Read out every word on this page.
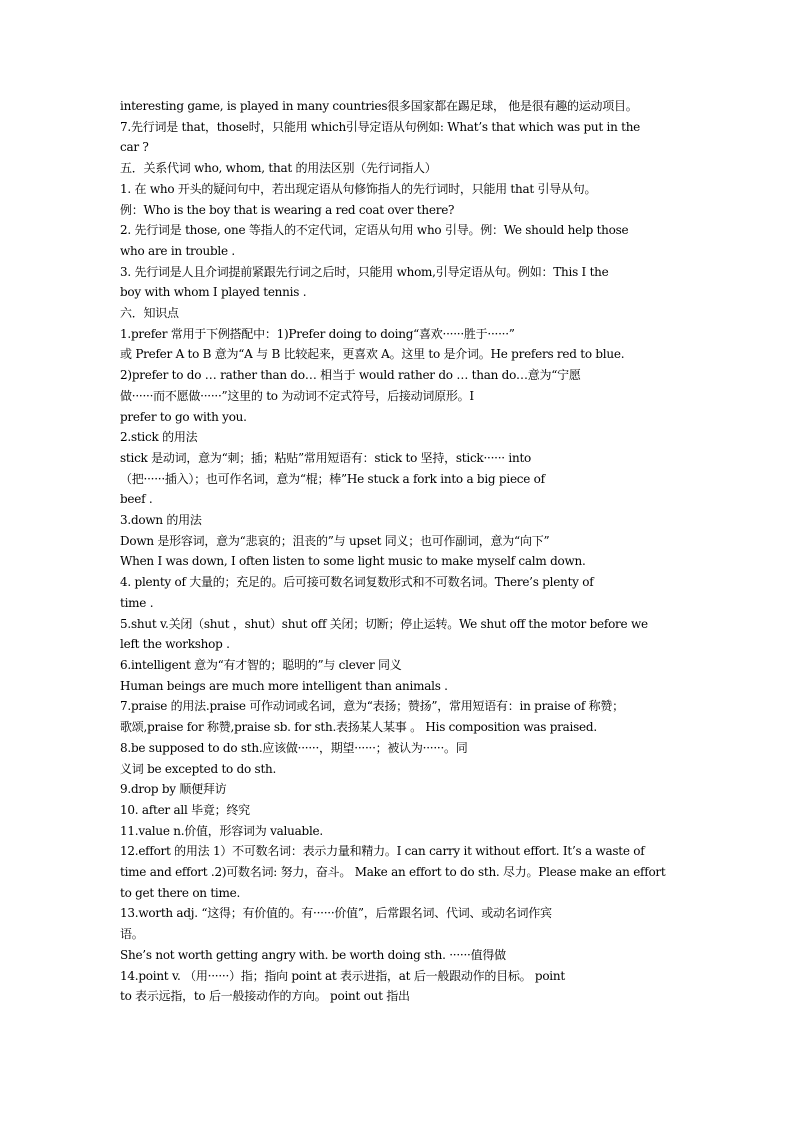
interesting game, is played in many countries很多国家都在踢足球， 他是很有趣的运动项目。
7.先行词是 that，those时，只能用 which引导定语从句例如: What’s that which was put in the
car ?
五．关系代词 who, whom, that 的用法区别（先行词指人）
1. 在 who 开头的疑问句中，若出现定语从句修饰指人的先行词时，只能用 that 引导从句。
例：Who is the boy that is wearing a red coat over there?
2. 先行词是 those, one 等指人的不定代词，定语从句用 who 引导。例：We should help those
who are in trouble .
3. 先行词是人且介词提前紧跟先行词之后时，只能用 whom,引导定语从句。例如：This I the
boy with whom I played tennis .
六．知识点
1.prefer 常用于下例搭配中：1)Prefer doing to doing“喜欢······胜于······”
或 Prefer A to B 意为“A 与 B 比较起来，更喜欢 A。这里 to 是介词。He prefers red to blue.
2)prefer to do … rather than do… 相当于 would rather do … than do…意为“宁愿
做······而不愿做······”这里的 to 为动词不定式符号，后接动词原形。I
prefer to go with you.
2.stick 的用法
stick 是动词，意为“刺；插；粘贴”常用短语有：stick to 坚持，stick······ into
（把······插入）；也可作名词，意为“棍；棒”He stuck a fork into a big piece of
beef .
3.down 的用法
Down 是形容词，意为“悲哀的；沮丧的”与 upset 同义；也可作副词，意为“向下”
When I was down, I often listen to some light music to make myself calm down.
4. plenty of 大量的；充足的。后可接可数名词复数形式和不可数名词。There’s plenty of
time .
5.shut v.关闭（shut ，shut）shut off 关闭；切断；停止运转。We shut off the motor before we
left the workshop .
6.intelligent 意为“有才智的；聪明的”与 clever 同义
Human beings are much more intelligent than animals .
7.praise 的用法.praise 可作动词或名词，意为“表扬；赞扬”，常用短语有：in praise of 称赞；
歌颂,praise for 称赞,praise sb. for sth.表扬某人某事 。 His composition was praised.
8.be supposed to do sth.应该做······，期望······；被认为······。同
义词 be excepted to do sth.
9.drop by 顺便拜访
10. after all 毕竟；终究
11.value n.价值，形容词为 valuable.
12.effort 的用法 1）不可数名词：表示力量和精力。I can carry it without effort. It’s a waste of
time and effort .2)可数名词: 努力，奋斗。 Make an effort to do sth. 尽力。Please make an effort
to get there on time.
13.worth adj. “这得；有价值的。有······价值”，后常跟名词、代词、或动名词作宾
语。
She’s not worth getting angry with. be worth doing sth. ······值得做
14.point v. （用······）指；指向 point at 表示进指，at 后一般跟动作的目标。 point
to 表示远指，to 后一般接动作的方向。 point out 指出
